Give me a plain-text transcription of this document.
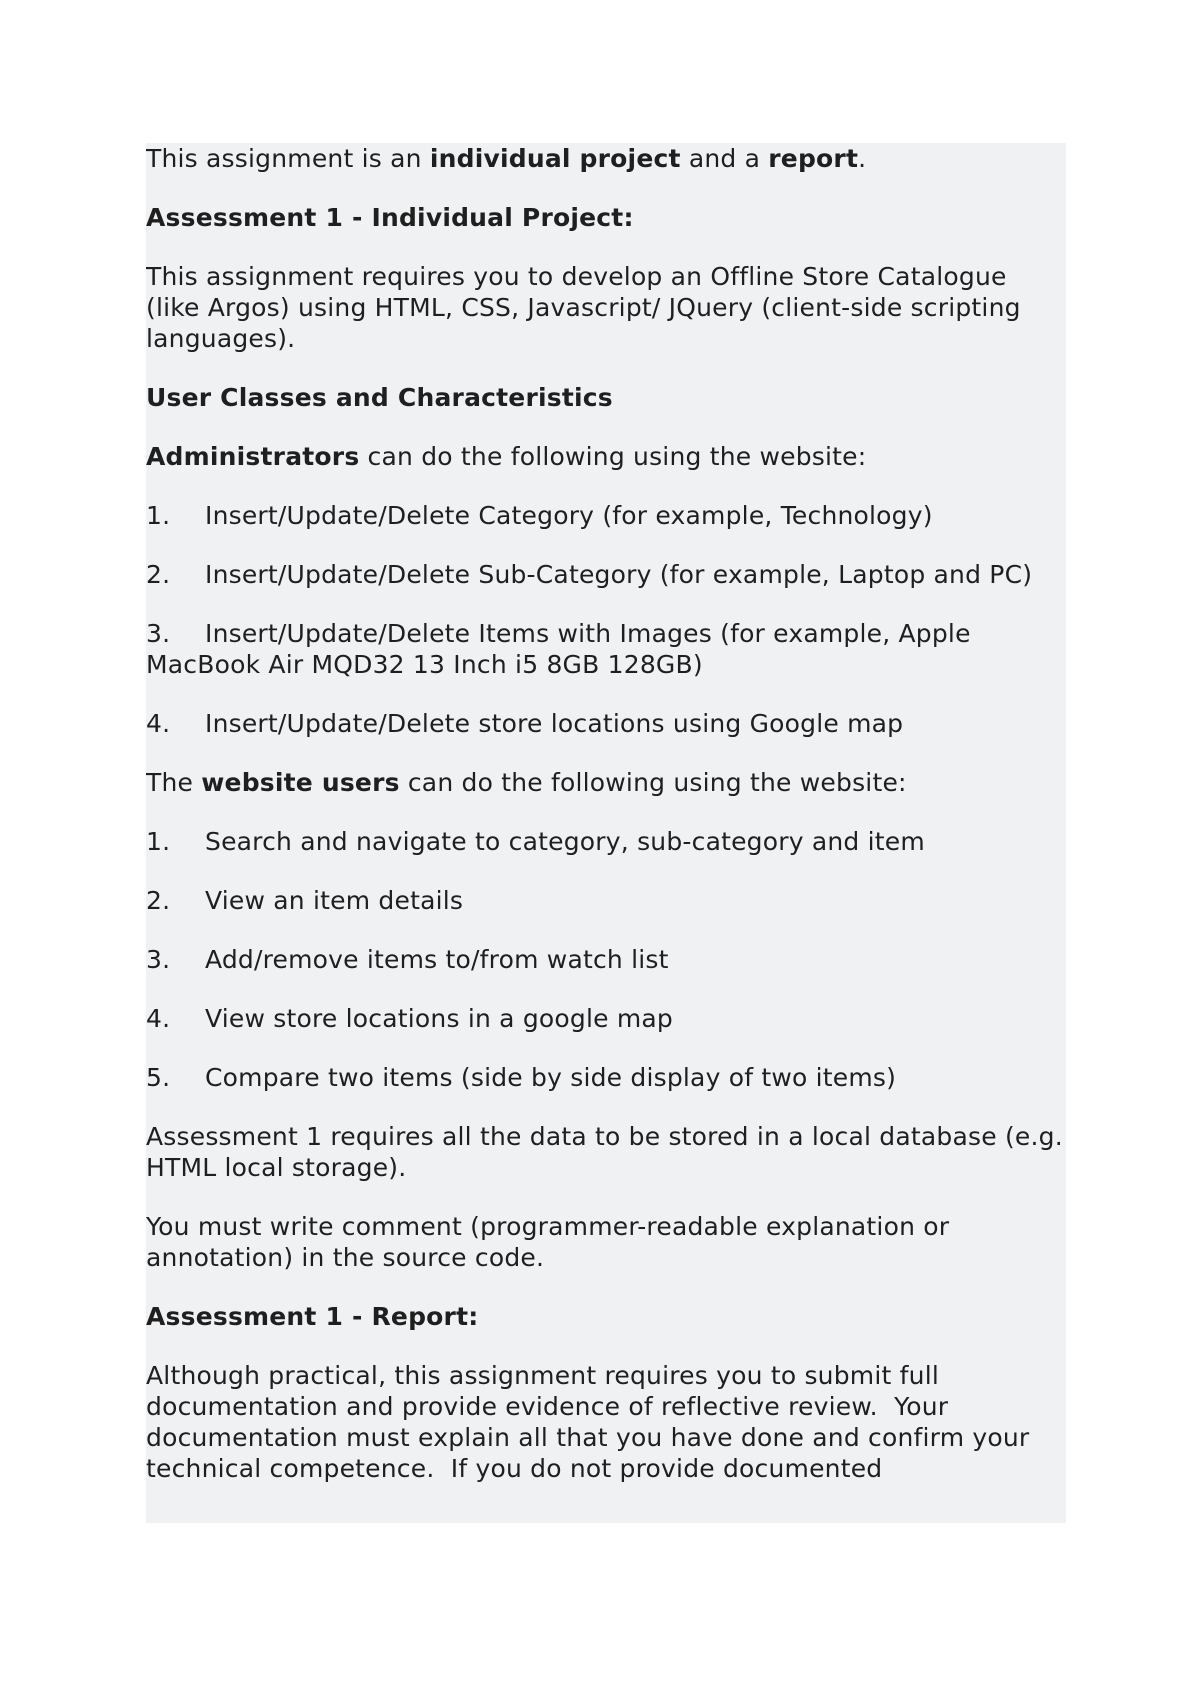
This assignment is an individual project and a report.

Assessment 1 - Individual Project:

This assignment requires you to develop an Offline Store Catalogue (like Argos) using HTML, CSS, Javascript/ JQuery (client-side scripting languages).

User Classes and Characteristics

Administrators can do the following using the website:

1.	Insert/Update/Delete Category (for example, Technology)

2. Insert/Update/Delete Sub-Category (for example, Laptop and PC)

3. Insert/Update/Delete Items with Images (for example, Apple MacBook Air MQD32 13 Inch i5 8GB 128GB)

4.	Insert/Update/Delete store locations using Google map

The website users can do the following using the website:

1.	Search and navigate to category, sub-category and item

2.	View an item details

3.	Add/remove items to/from watch list

4.	View store locations in a google map

5.	Compare two items (side by side display of two items)

Assessment 1 requires all the data to be stored in a local database (e.g. HTML local storage).

You must write comment (programmer-readable explanation or annotation) in the source code.

Assessment 1 - Report:

Although practical, this assignment requires you to submit full documentation and provide evidence of reflective review.  Your documentation must explain all that you have done and confirm your technical competence.  If you do not provide documented
